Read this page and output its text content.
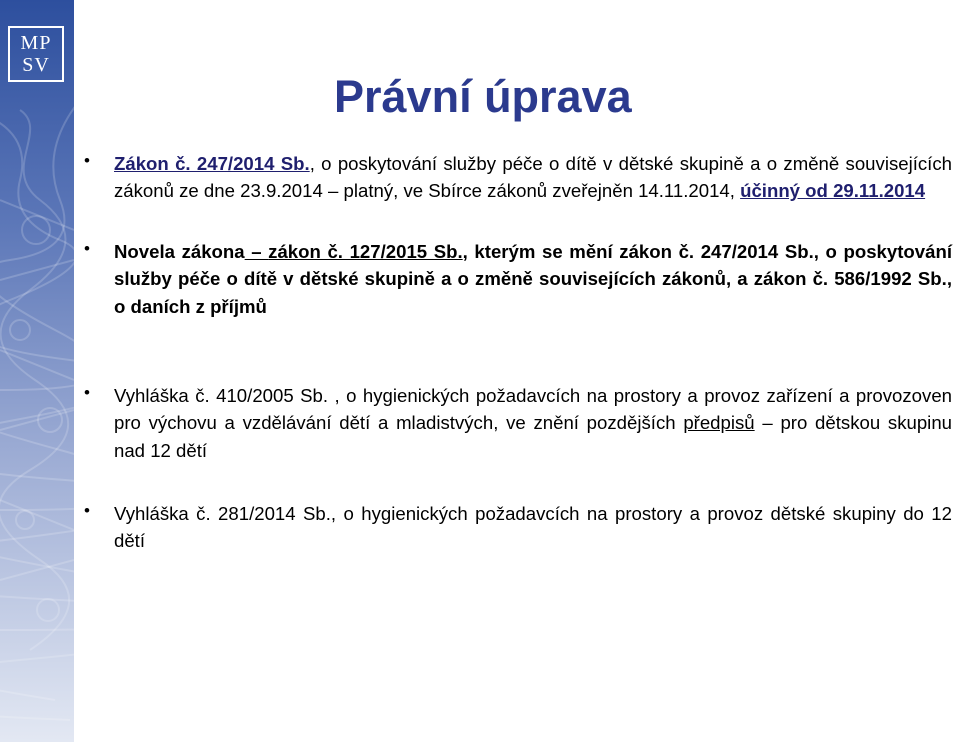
MP
SV
Právní úprava
• Zákon č. 247/2014 Sb., o poskytování služby péče o dítě v dětské skupině a o změně souvisejících zákonů ze dne 23.9.2014 – platný, ve Sbírce zákonů zveřejněn 14.11.2014, účinný od 29.11.2014
• Novela zákona – zákon č. 127/2015 Sb., kterým se mění zákon č. 247/2014 Sb., o poskytování služby péče o dítě v dětské skupině a o změně souvisejících zákonů, a zákon č. 586/1992 Sb., o daních z příjmů
• Vyhláška č. 410/2005 Sb. , o hygienických požadavcích na prostory a provoz zařízení a provozoven pro výchovu a vzdělávání dětí a mladistvých, ve znění pozdějších předpisů – pro dětskou skupinu nad 12 dětí
• Vyhláška č. 281/2014 Sb., o hygienických požadavcích na prostory a provoz dětské skupiny do 12 dětí
